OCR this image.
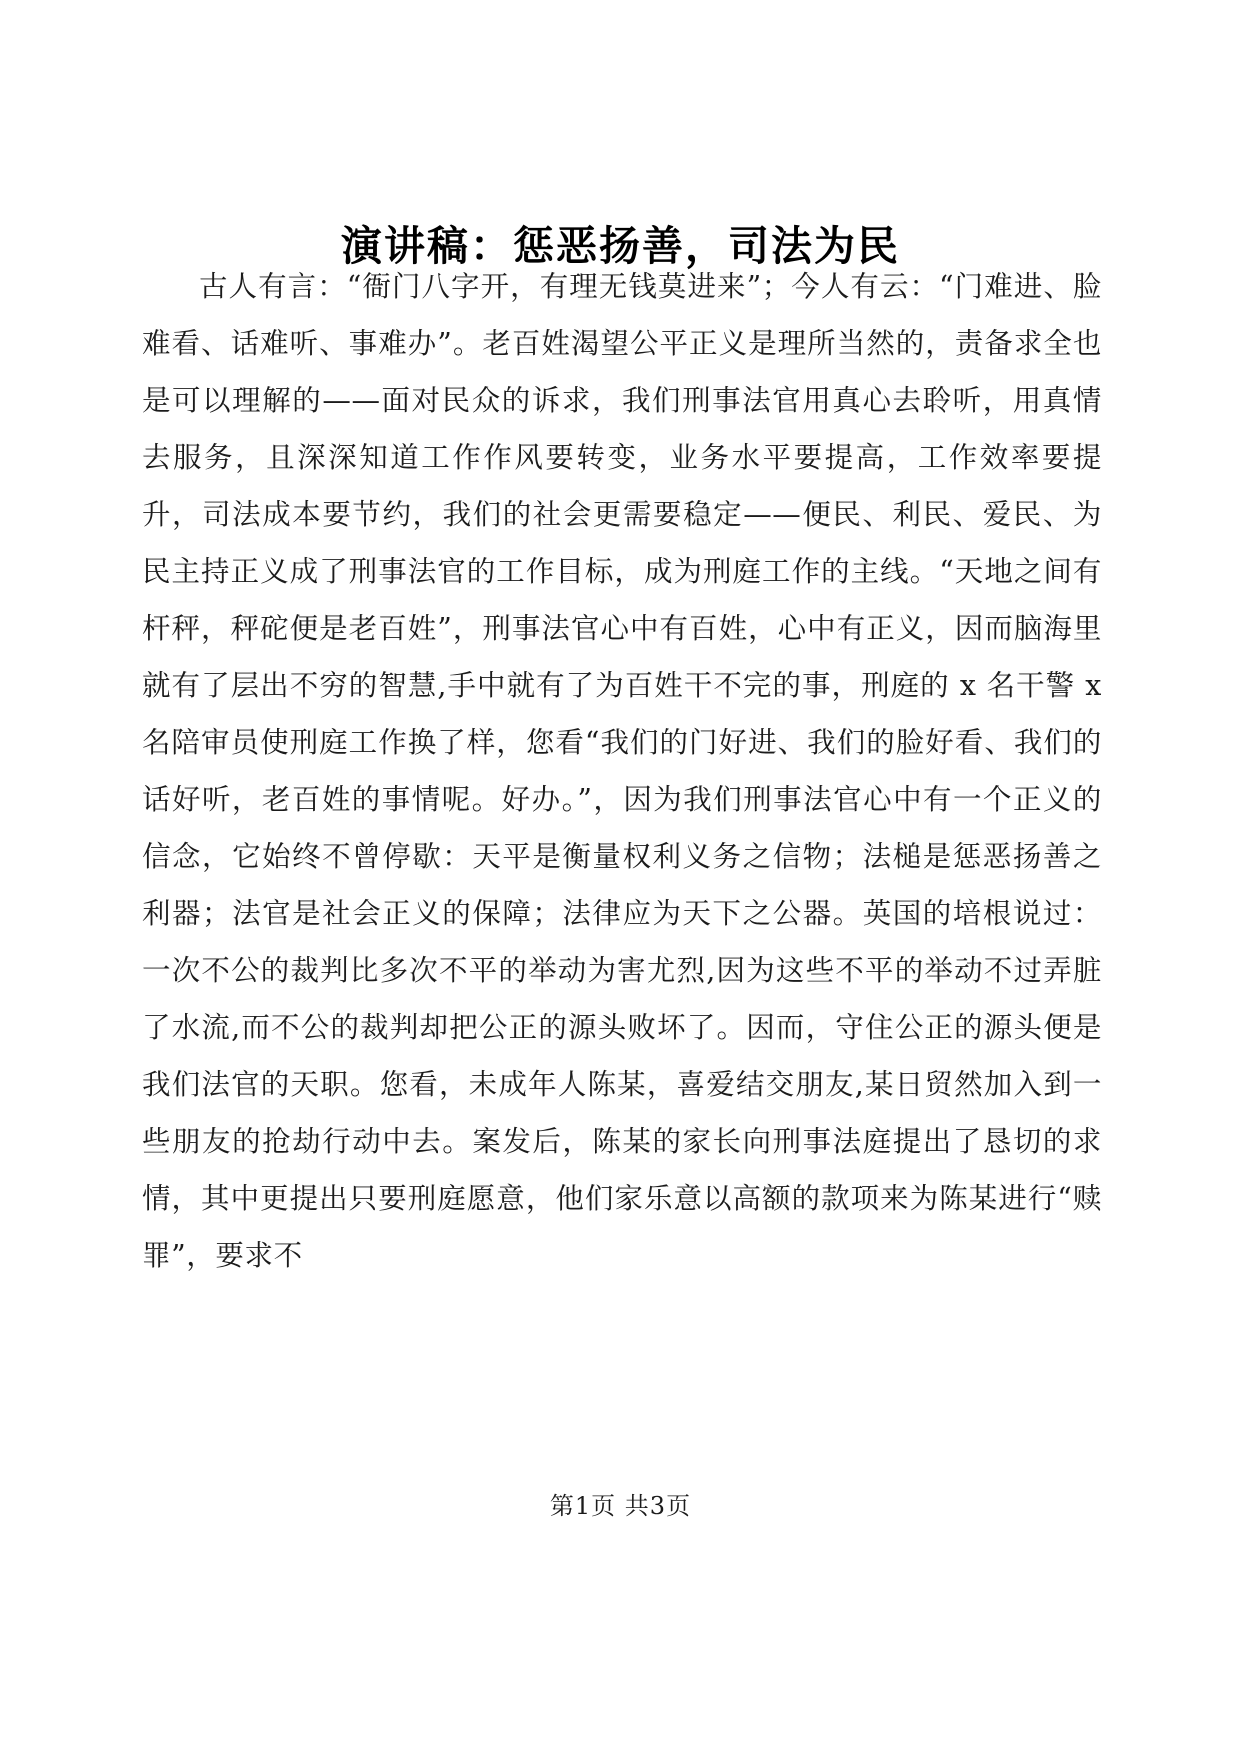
演讲稿：惩恶扬善，司法为民
古人有言：“衙门八字开，有理无钱莫进来”；今人有云：“门难进、脸难看、话难听、事难办”。老百姓渴望公平正义是理所当然的，责备求全也是可以理解的——面对民众的诉求，我们刑事法官用真心去聆听，用真情去服务，且深深知道工作作风要转变，业务水平要提高，工作效率要提升，司法成本要节约，我们的社会更需要稳定——便民、利民、爱民、为民主持正义成了刑事法官的工作目标，成为刑庭工作的主线。“天地之间有杆秤，秤砣便是老百姓”，刑事法官心中有百姓，心中有正义，因而脑海里就有了层出不穷的智慧,手中就有了为百姓干不完的事，刑庭的 x 名干警 x 名陪审员使刑庭工作换了样，您看“我们的门好进、我们的脸好看、我们的话好听，老百姓的事情呢。好办。”，因为我们刑事法官心中有一个正义的信念，它始终不曾停歇：天平是衡量权利义务之信物；法槌是惩恶扬善之利器；法官是社会正义的保障；法律应为天下之公器。英国的培根说过：一次不公的裁判比多次不平的举动为害尤烈,因为这些不平的举动不过弄脏了水流,而不公的裁判却把公正的源头败坏了。因而，守住公正的源头便是我们法官的天职。您看，未成年人陈某，喜爱结交朋友,某日贸然加入到一些朋友的抢劫行动中去。案发后，陈某的家长向刑事法庭提出了恳切的求情，其中更提出只要刑庭愿意，他们家乐意以高额的款项来为陈某进行“赎罪”，要求不
第1页 共3页
